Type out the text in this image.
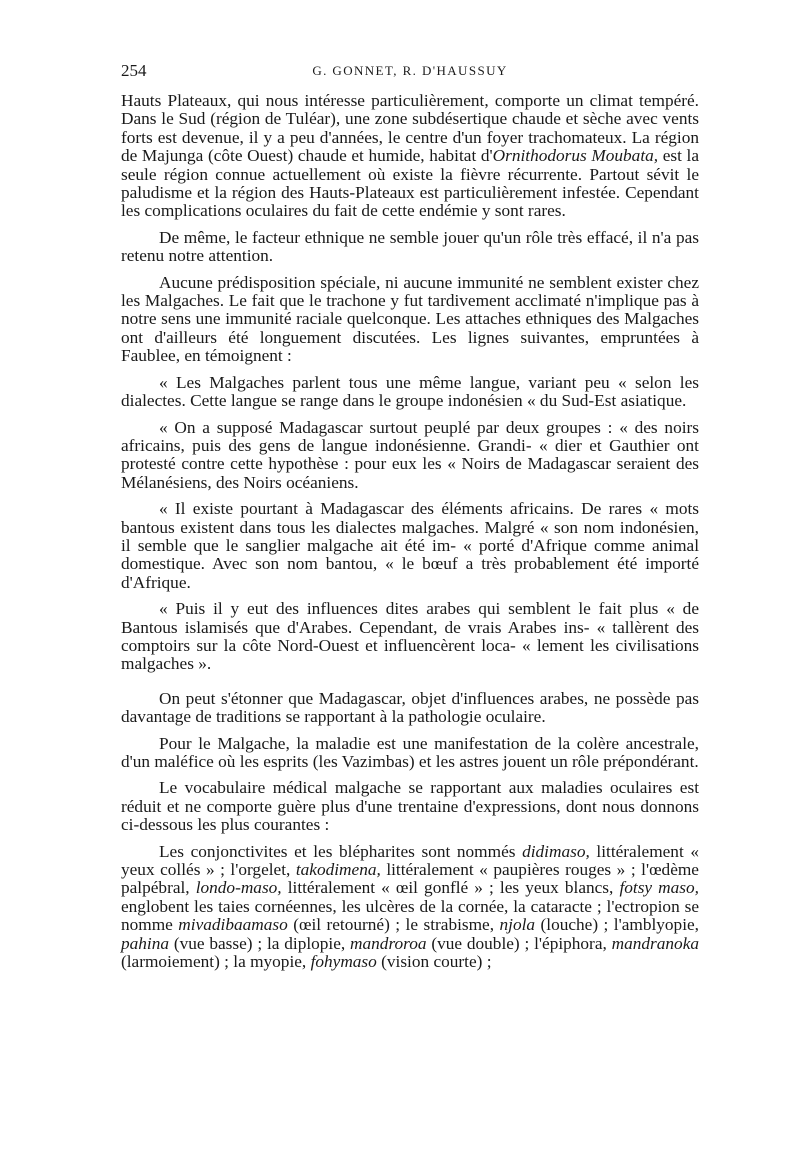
254	G. GONNET, R. D'HAUSSUY

Hauts Plateaux, qui nous intéresse particulièrement, comporte un climat tempéré. Dans le Sud (région de Tuléar), une zone subdésertique chaude et sèche avec vents forts est devenue, il y a peu d'années, le centre d'un foyer trachomateux. La région de Majunga (côte Ouest) chaude et humide, habitat d'Ornithodorus Moubata, est la seule région connue actuellement où existe la fièvre récurrente. Partout sévit le paludisme et la région des Hauts-Plateaux est particulièrement infestée. Cependant les complications oculaires du fait de cette endémie y sont rares.

De même, le facteur ethnique ne semble jouer qu'un rôle très effacé, il n'a pas retenu notre attention.

Aucune prédisposition spéciale, ni aucune immunité ne semblent exister chez les Malgaches. Le fait que le trachone y fut tardivement acclimaté n'implique pas à notre sens une immunité raciale quelconque. Les attaches ethniques des Malgaches ont d'ailleurs été longuement discutées. Les lignes suivantes, empruntées à Faublee, en témoignent :

« Les Malgaches parlent tous une même langue, variant peu « selon les dialectes. Cette langue se range dans le groupe indonésien « du Sud-Est asiatique.

« On a supposé Madagascar surtout peuplé par deux groupes : « des noirs africains, puis des gens de langue indonésienne. Grandi- « dier et Gauthier ont protesté contre cette hypothèse : pour eux les « Noirs de Madagascar seraient des Mélanésiens, des Noirs océaniens.

« Il existe pourtant à Madagascar des éléments africains. De rares « mots bantous existent dans tous les dialectes malgaches. Malgré « son nom indonésien, il semble que le sanglier malgache ait été im- « porté d'Afrique comme animal domestique. Avec son nom bantou, « le bœuf a très probablement été importé d'Afrique.

« Puis il y eut des influences dites arabes qui semblent le fait plus « de Bantous islamisés que d'Arabes. Cependant, de vrais Arabes ins- « tallèrent des comptoirs sur la côte Nord-Ouest et influencèrent loca- « lement les civilisations malgaches ».

On peut s'étonner que Madagascar, objet d'influences arabes, ne possède pas davantage de traditions se rapportant à la pathologie oculaire.

Pour le Malgache, la maladie est une manifestation de la colère ancestrale, d'un maléfice où les esprits (les Vazimbas) et les astres jouent un rôle prépondérant.

Le vocabulaire médical malgache se rapportant aux maladies oculaires est réduit et ne comporte guère plus d'une trentaine d'expressions, dont nous donnons ci-dessous les plus courantes :

Les conjonctivites et les blépharites sont nommés didimaso, littéralement « yeux collés » ; l'orgelet, takodimena, littéralement « paupières rouges » ; l'œdème palpébral, londo-maso, littéralement « œil gonflé » ; les yeux blancs, fotsy maso, englobent les taies cornéennes, les ulcères de la cornée, la cataracte ; l'ectropion se nomme mivadibaamaso (œil retourné) ; le strabisme, njola (louche) ; l'amblyopie, pahina (vue basse) ; la diplopie, mandroroa (vue double) ; l'épiphora, mandranoka (larmoiement) ; la myopie, fohymaso (vision courte) ;
